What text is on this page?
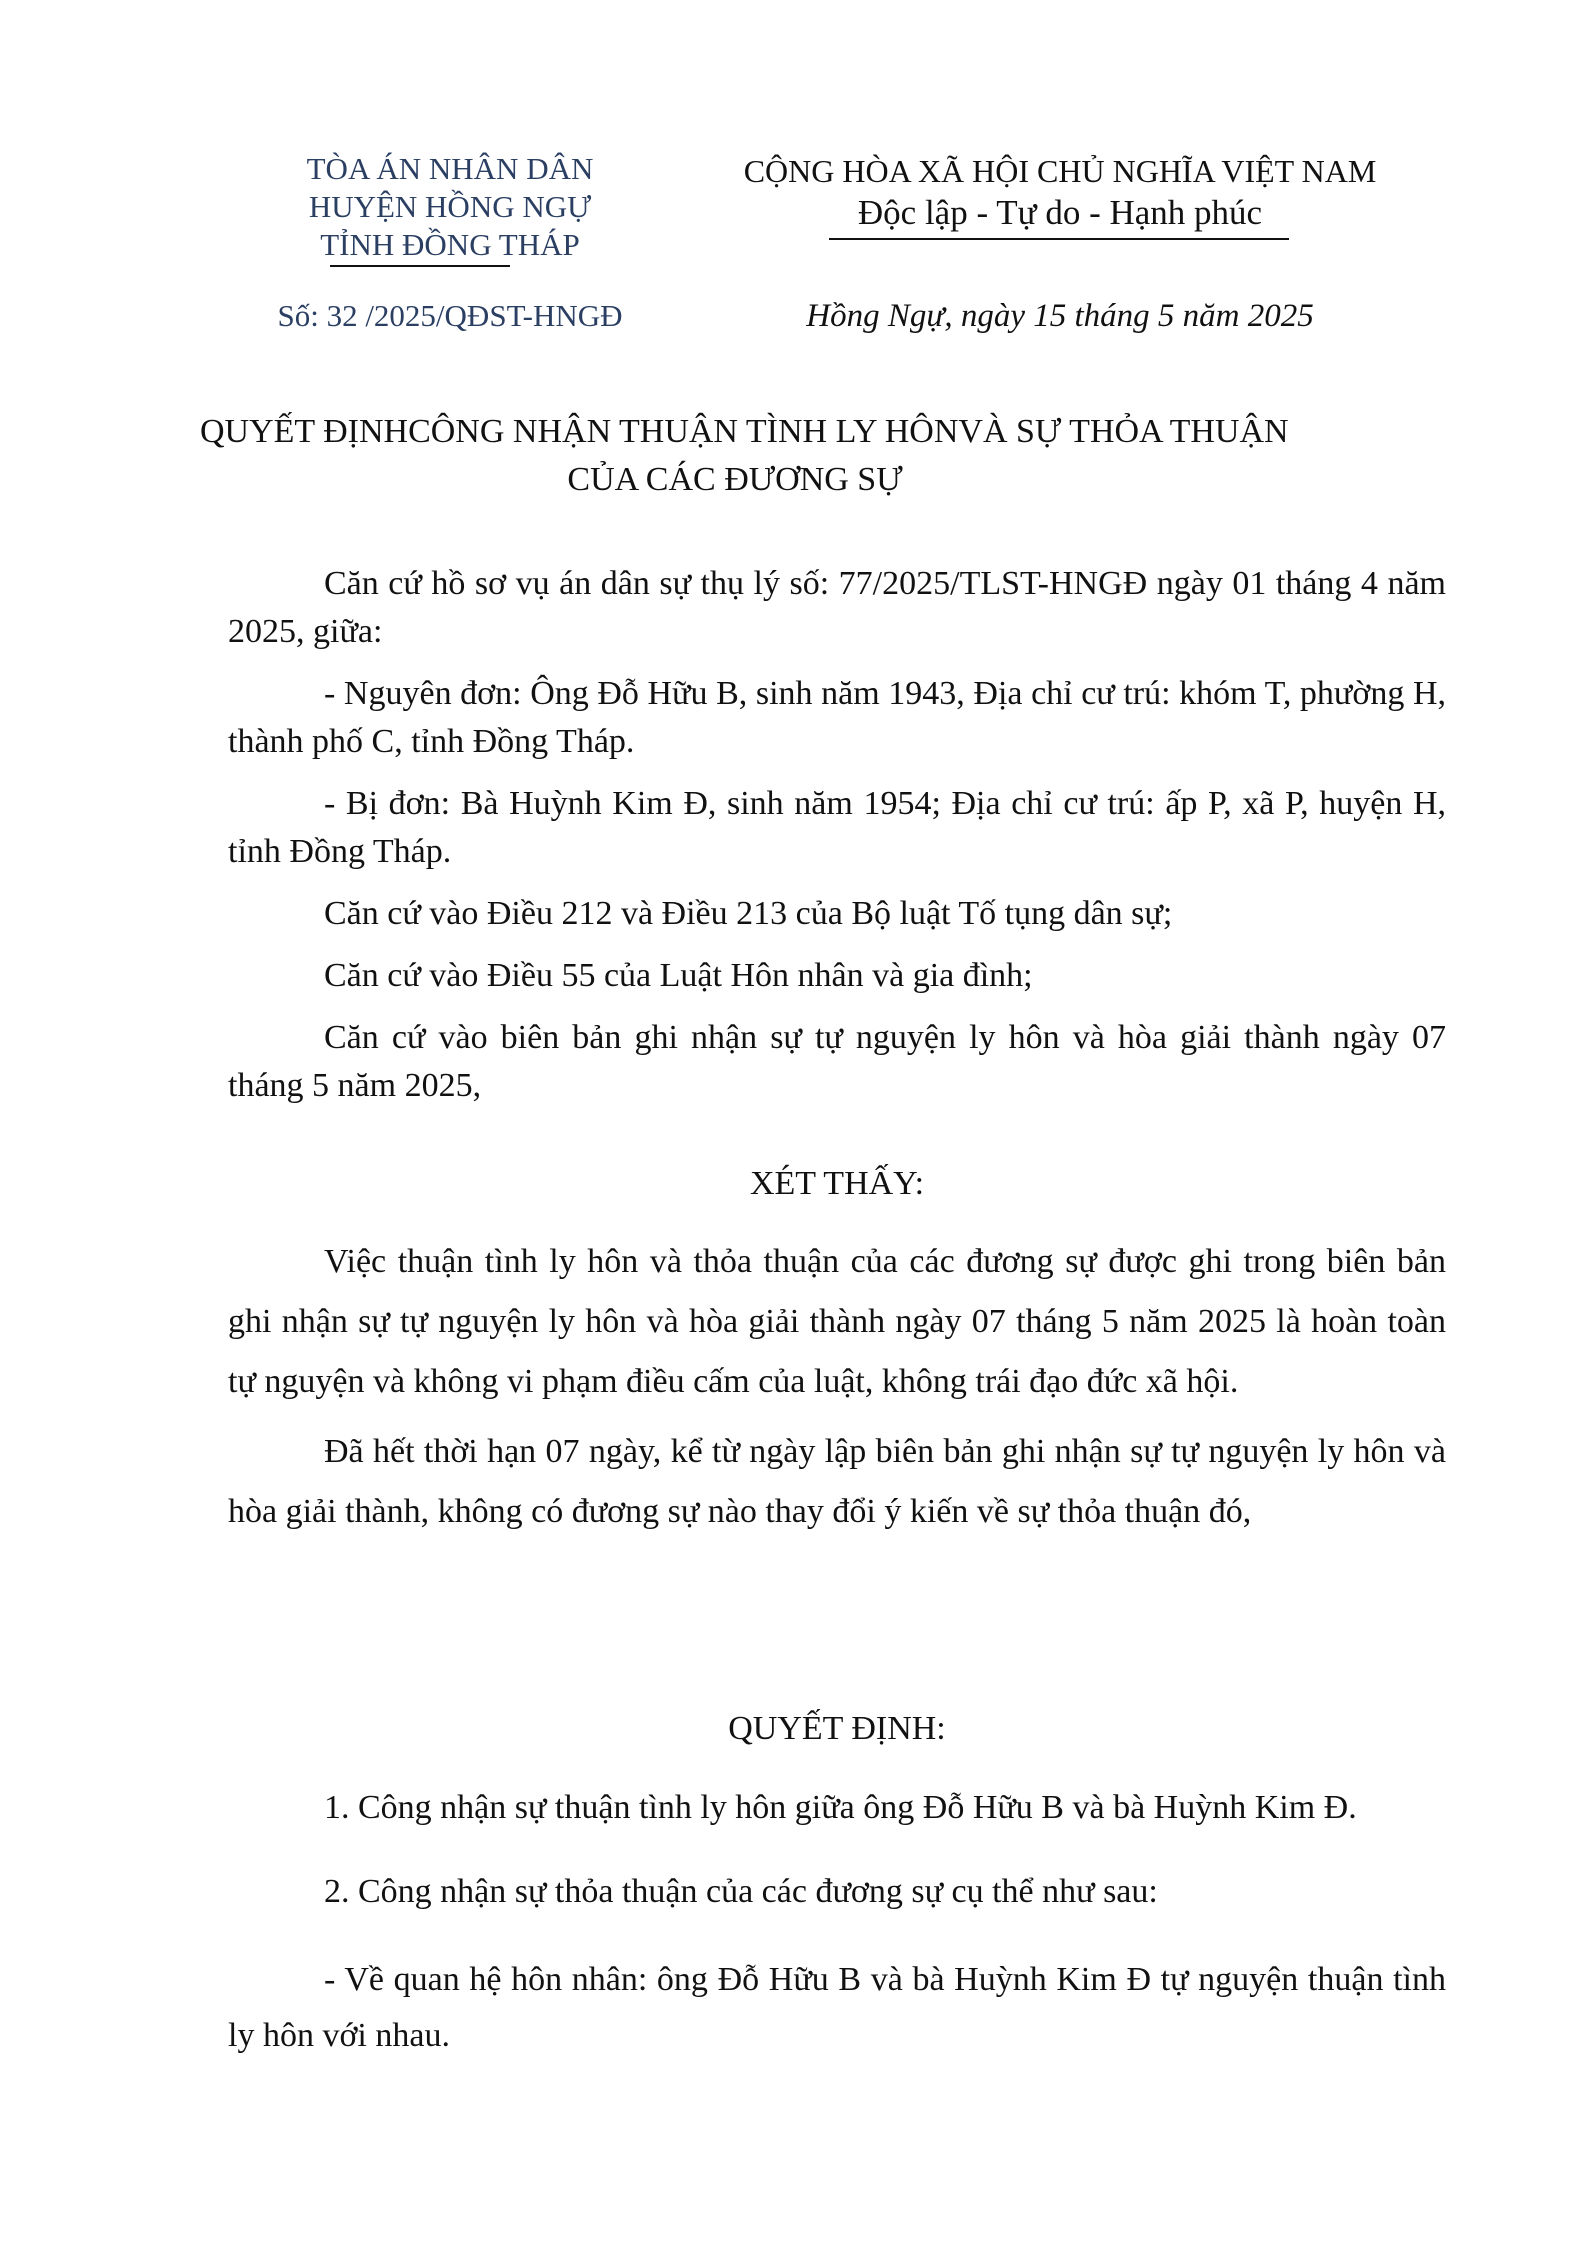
TÒA ÁN NHÂN DÂN
HUYỆN HỒNG NGỰ
TỈNH ĐỒNG THÁP
CỘNG HÒA XÃ HỘI CHỦ NGHĨA VIỆT NAM
Độc lập - Tự do - Hạnh phúc
Số: 32 /2025/QĐST-HNGĐ	Hồng Ngự, ngày 15 tháng 5 năm 2025
QUYẾT ĐỊNHCÔNG NHẬN THUẬN TÌNH LY HÔNVÀ SỰ THỎA THUẬN
CỦA CÁC ĐƯƠNG SỰ

Căn cứ hồ sơ vụ án dân sự thụ lý số: 77/2025/TLST-HNGĐ ngày 01 tháng 4 năm 2025, giữa:

- Nguyên đơn: Ông Đỗ Hữu B, sinh năm 1943, Địa chỉ cư trú: khóm T, phường H, thành phố C, tỉnh Đồng Tháp.

- Bị đơn: Bà Huỳnh Kim Đ, sinh năm 1954; Địa chỉ cư trú: ấp P, xã P, huyện H, tỉnh Đồng Tháp.

Căn cứ vào Điều 212 và Điều 213 của Bộ luật Tố tụng dân sự;

Căn cứ vào Điều 55 của Luật Hôn nhân và gia đình;

Căn cứ vào biên bản ghi nhận sự tự nguyện ly hôn và hòa giải thành ngày 07 tháng 5 năm 2025,

XÉT THẤY:

Việc thuận tình ly hôn và thỏa thuận của các đương sự được ghi trong biên bản ghi nhận sự tự nguyện ly hôn và hòa giải thành ngày 07 tháng 5 năm 2025 là hoàn toàn tự nguyện và không vi phạm điều cấm của luật, không trái đạo đức xã hội.

Đã hết thời hạn 07 ngày, kể từ ngày lập biên bản ghi nhận sự tự nguyện ly hôn và hòa giải thành, không có đương sự nào thay đổi ý kiến về sự thỏa thuận đó,

QUYẾT ĐỊNH:

1. Công nhận sự thuận tình ly hôn giữa ông Đỗ Hữu B và bà Huỳnh Kim Đ.

2. Công nhận sự thỏa thuận của các đương sự cụ thể như sau:

- Về quan hệ hôn nhân: ông Đỗ Hữu B và bà Huỳnh Kim Đ tự nguyện thuận tình ly hôn với nhau.
